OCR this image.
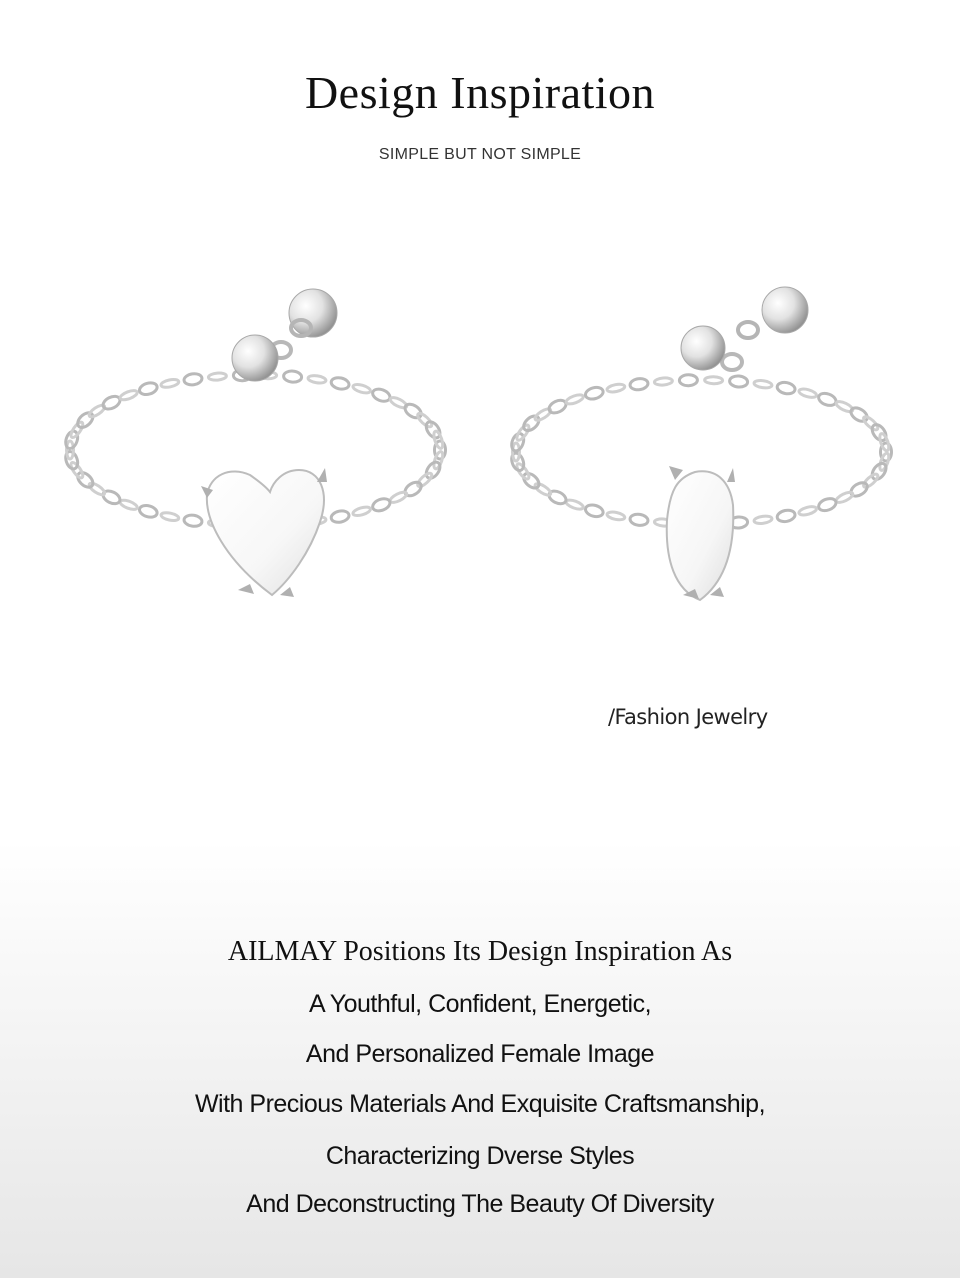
Design Inspiration
SIMPLE BUT NOT SIMPLE
/Fashion Jewelry
AILMAY Positions Its Design Inspiration As
A Youthful, Confident, Energetic,
And Personalized Female Image
With Precious Materials And Exquisite Craftsmanship,
Characterizing Dverse Styles
And Deconstructing The Beauty Of Diversity
